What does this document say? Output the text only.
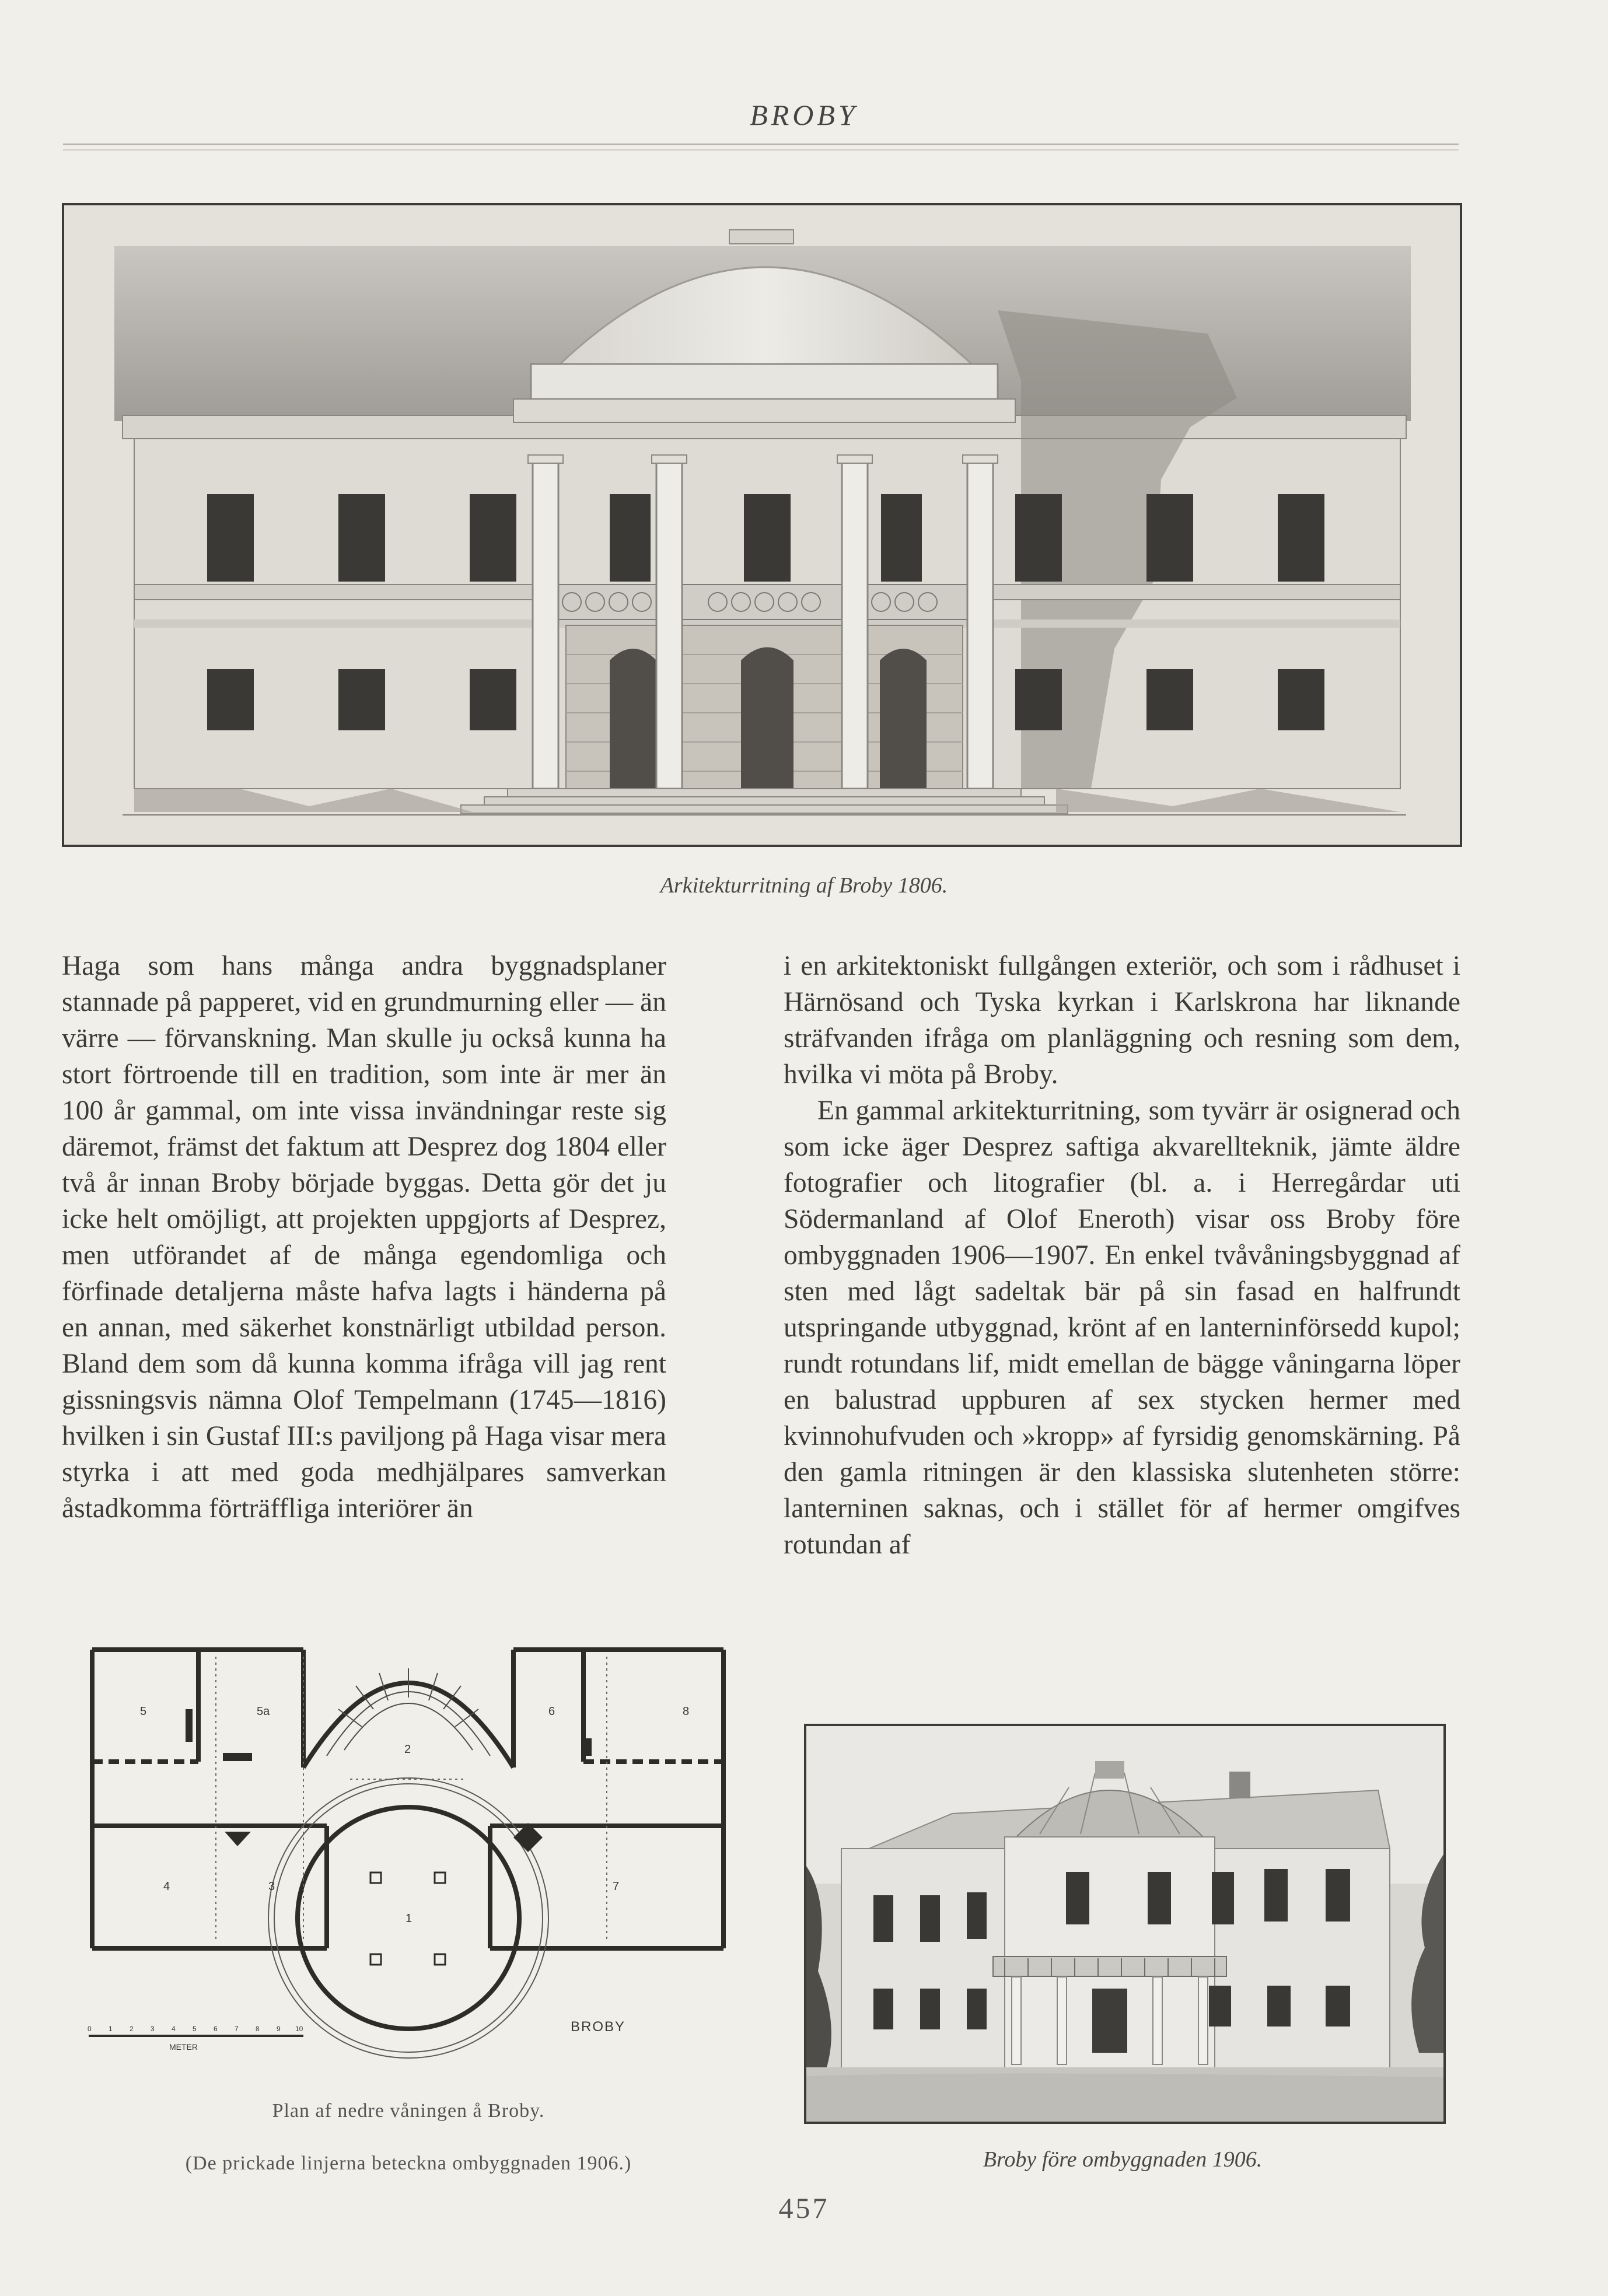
BROBY
Arkitekturritning af Broby 1806.

Haga som hans många andra byggnadsplaner stannade på papperet, vid en grundmurning eller — än värre — förvanskning. Man skulle ju också kunna ha stort förtroende till en tradition, som inte är mer än 100 år gammal, om inte vissa invändningar reste sig däremot, främst det faktum att Desprez dog 1804 eller två år innan Broby började byggas. Detta gör det ju icke helt omöjligt, att projekten uppgjorts af Desprez, men utförandet af de många egendomliga och förfinade detaljerna måste hafva lagts i händerna på en annan, med säkerhet konstnärligt utbildad person. Bland dem som då kunna komma ifråga vill jag rent gissningsvis nämna Olof Tempelmann (1745—1816) hvilken i sin Gustaf III:s paviljong på Haga visar mera styrka i att med goda medhjälpares samverkan åstadkomma förträffliga interiörer än

i en arkitektoniskt fullgången exteriör, och som i rådhuset i Härnösand och Tyska kyrkan i Karlskrona har liknande sträfvanden ifråga om planläggning och resning som dem, hvilka vi möta på Broby.

En gammal arkitekturritning, som tyvärr är osignerad och som icke äger Desprez saftiga akvarellteknik, jämte äldre fotografier och litografier (bl. a. i Herregårdar uti Södermanland af Olof Eneroth) visar oss Broby före ombyggnaden 1906—1907. En enkel tvåvåningsbyggnad af sten med lågt sadeltak bär på sin fasad en halfrundt utspringande utbyggnad, krönt af en lanterninförsedd kupol; rundt rotundans lif, midt emellan de bägge våningarna löper en balustrad uppburen af sex stycken hermer med kvinnohufvuden och »kropp» af fyrsidig genomskärning. På den gamla ritningen är den klassiska slutenheten större: lanterninen saknas, och i stället för af hermer omgifves rotundan af

5	5a
2
6	8
4	3
1
7
0 1 2 3 4 5 6 7 8 9 10
METER
BROBY
Plan af nedre våningen å Broby.
(De prickade linjerna beteckna ombyggnaden 1906.)	Broby före ombyggnaden 1906.
457
